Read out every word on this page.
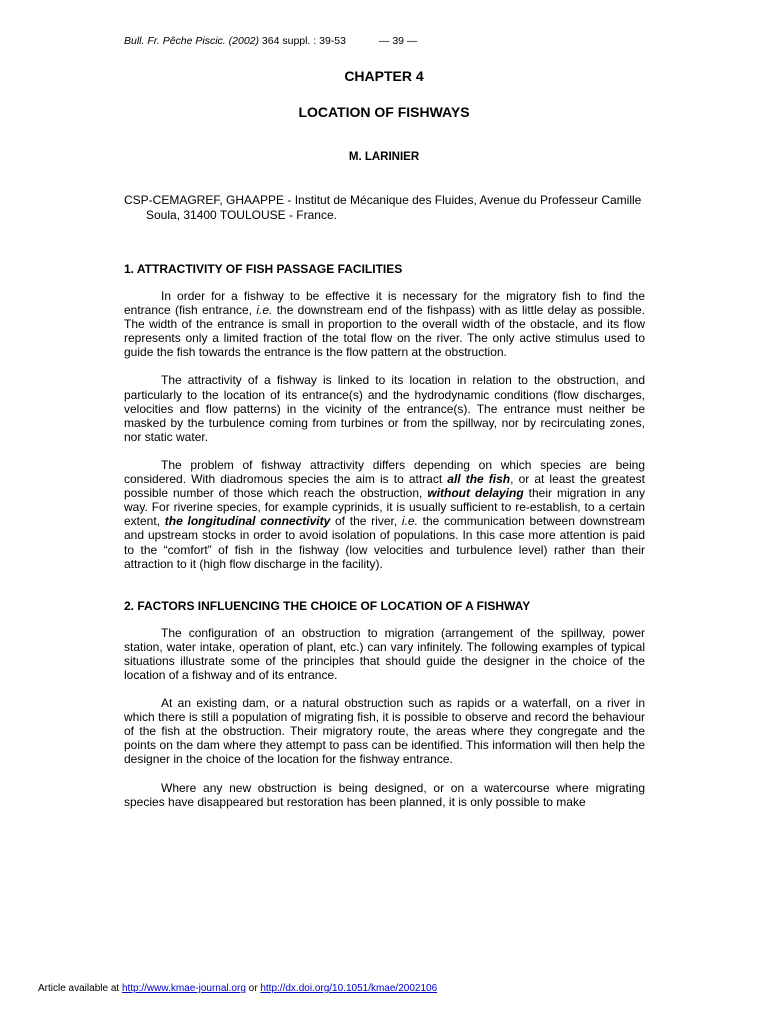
Bull. Fr. Pêche Piscic. (2002) 364 suppl. : 39-53	— 39 —
CHAPTER 4
LOCATION OF FISHWAYS
M. LARINIER
CSP-CEMAGREF, GHAAPPE - Institut de Mécanique des Fluides, Avenue du Professeur Camille Soula, 31400 TOULOUSE - France.
1. ATTRACTIVITY OF FISH PASSAGE FACILITIES

In order for a fishway to be effective it is necessary for the migratory fish to find the entrance (fish entrance, i.e. the downstream end of the fishpass) with as little delay as possible. The width of the entrance is small in proportion to the overall width of the obstacle, and its flow represents only a limited fraction of the total flow on the river. The only active stimulus used to guide the fish towards the entrance is the flow pattern at the obstruction.

The attractivity of a fishway is linked to its location in relation to the obstruction, and particularly to the location of its entrance(s) and the hydrodynamic conditions (flow discharges, velocities and flow patterns) in the vicinity of the entrance(s). The entrance must neither be masked by the turbulence coming from turbines or from the spillway, nor by recirculating zones, nor static water.

The problem of fishway attractivity differs depending on which species are being considered. With diadromous species the aim is to attract all the fish, or at least the greatest possible number of those which reach the obstruction, without delaying their migration in any way. For riverine species, for example cyprinids, it is usually sufficient to re-establish, to a certain extent, the longitudinal connectivity of the river, i.e. the communication between downstream and upstream stocks in order to avoid isolation of populations. In this case more attention is paid to the “comfort” of fish in the fishway (low velocities and turbulence level) rather than their attraction to it (high flow discharge in the facility).

2. FACTORS INFLUENCING THE CHOICE OF LOCATION OF A FISHWAY

The configuration of an obstruction to migration (arrangement of the spillway, power station, water intake, operation of plant, etc.) can vary infinitely. The following examples of typical situations illustrate some of the principles that should guide the designer in the choice of the location of a fishway and of its entrance.

At an existing dam, or a natural obstruction such as rapids or a waterfall, on a river in which there is still a population of migrating fish, it is possible to observe and record the behaviour of the fish at the obstruction. Their migratory route, the areas where they congregate and the points on the dam where they attempt to pass can be identified. This information will then help the designer in the choice of the location for the fishway entrance.

Where any new obstruction is being designed, or on a watercourse where migrating species have disappeared but restoration has been planned, it is only possible to make

Article available at http://www.kmae-journal.org or http://dx.doi.org/10.1051/kmae/2002106
